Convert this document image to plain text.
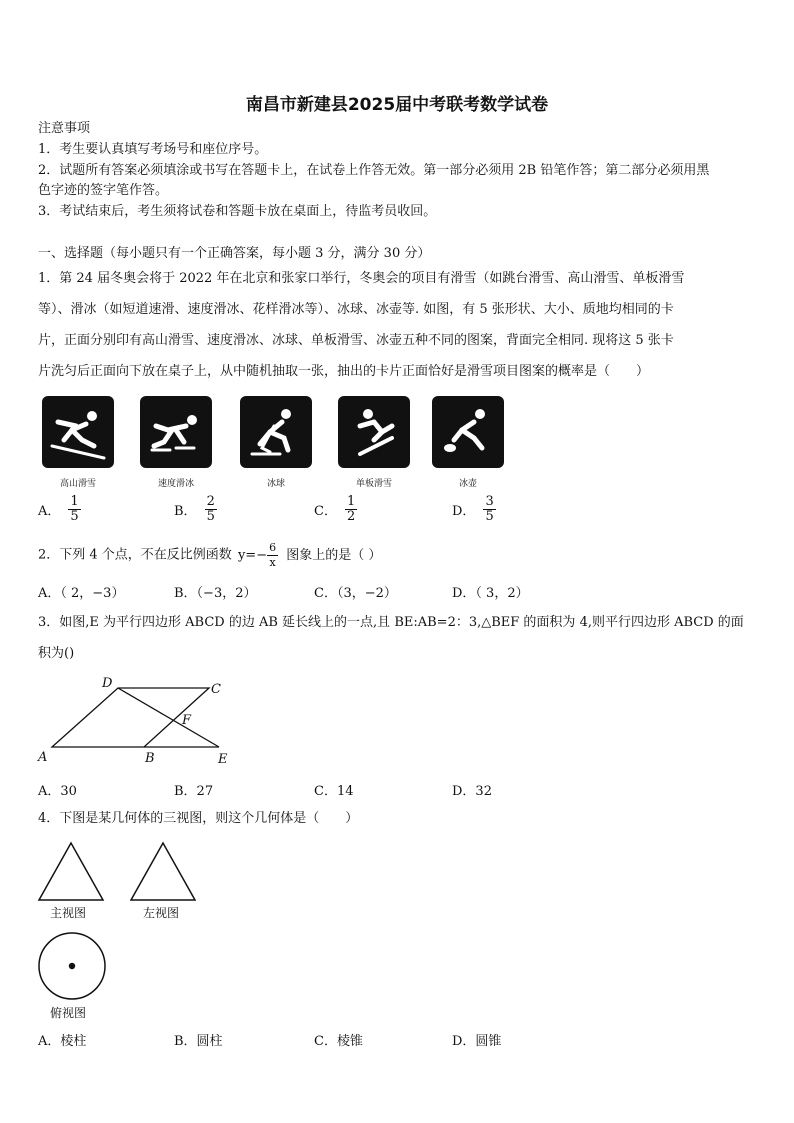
南昌市新建县2025届中考联考数学试卷
注意事项
1．考生要认真填写考场号和座位序号。
2．试题所有答案必须填涂或书写在答题卡上，在试卷上作答无效。第一部分必须用 2B 铅笔作答；第二部分必须用黑
色字迹的签字笔作答。
3．考试结束后，考生须将试卷和答题卡放在桌面上，待监考员收回。
一、选择题（每小题只有一个正确答案，每小题 3 分，满分 30 分）
1．第 24 届冬奥会将于 2022 年在北京和张家口举行，冬奥会的项目有滑雪（如跳台滑雪、高山滑雪、单板滑雪
等）、滑冰（如短道速滑、速度滑冰、花样滑冰等）、冰球、冰壶等. 如图，有 5 张形状、大小、质地均相同的卡
片，正面分别印有高山滑雪、速度滑冰、冰球、单板滑雪、冰壶五种不同的图案，背面完全相同. 现将这 5 张卡
片洗匀后正面向下放在桌子上，从中随机抽取一张，抽出的卡片正面恰好是滑雪项目图案的概率是（　　）
高山滑雪	速度滑冰	冰球	单板滑雪	冰壶
A． $\frac{1}{5}$	B． $\frac{2}{5}$	C． $\frac{1}{2}$	D． $\frac{3}{5}$
2．下列 4 个点，不在反比例函数 $y=- \frac{6}{x}$ 图象上的是（ ）
A．（ 2，−3）	B．（−3，2）	C．（3，−2）	D．（ 3，2）
3．如图,E 为平行四边形 ABCD 的边 AB 延长线上的一点,且 BE:AB=2：3,△BEF 的面积为 4,则平行四边形 ABCD 的面
积为()
D	C
F
A	B	E
A．30	B．27	C．14	D．32
4．下图是某几何体的三视图，则这个几何体是（　　）
主视图	左视图
俯视图
A．棱柱	B．圆柱	C．棱锥	D．圆锥
